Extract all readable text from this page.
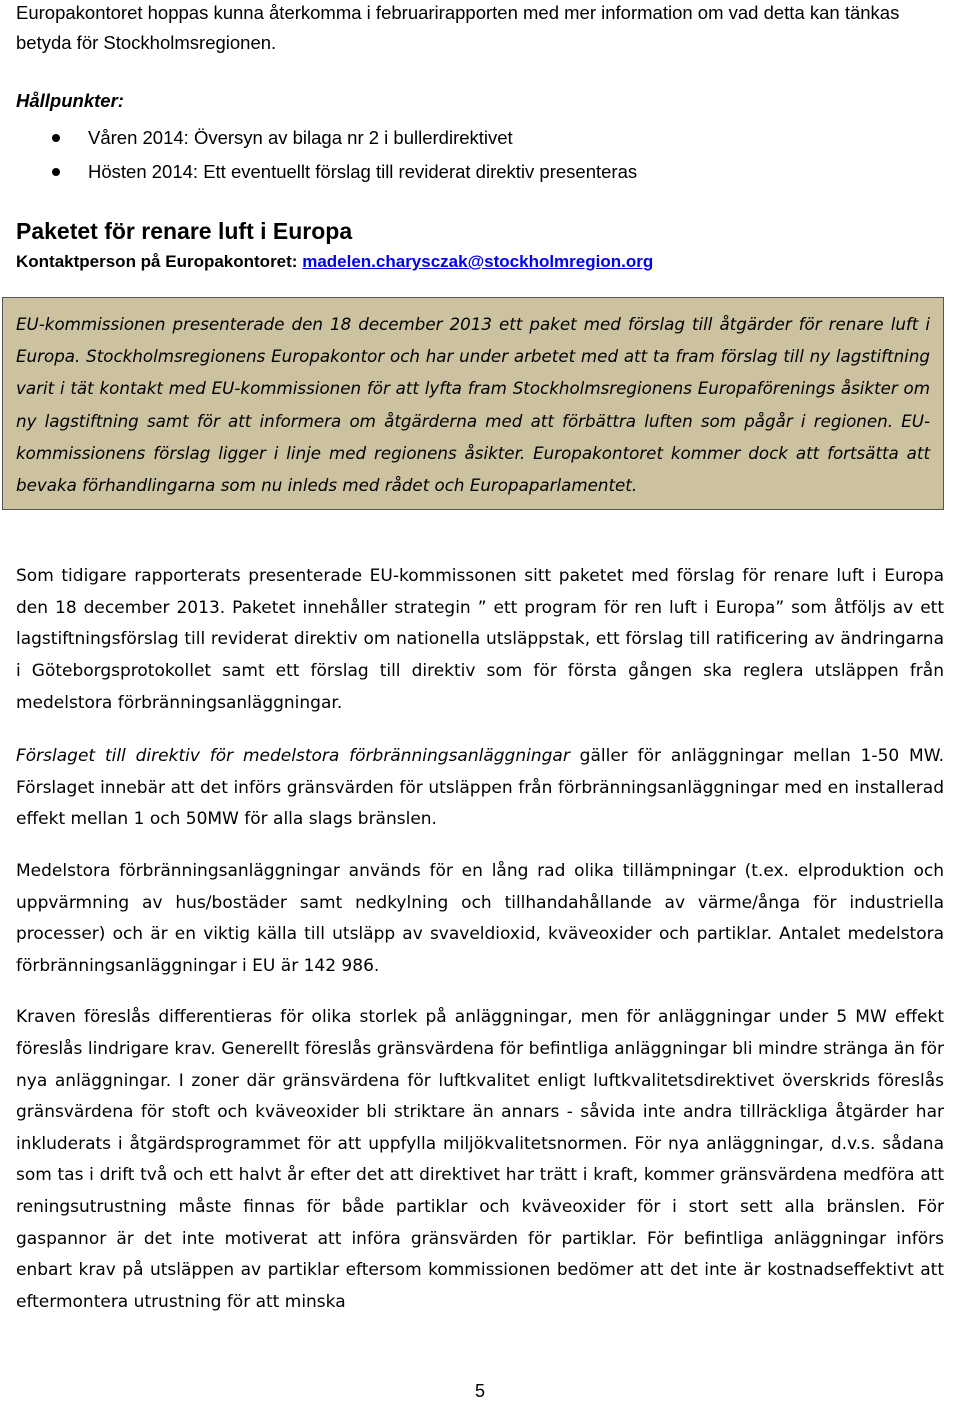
Europakontoret hoppas kunna återkomma i februarirapporten med mer information om vad detta kan tänkas betyda för Stockholmsregionen.
Hållpunkter:
Våren 2014: Översyn av bilaga nr 2 i bullerdirektivet
Hösten 2014: Ett eventuellt förslag till reviderat direktiv presenteras
Paketet för renare luft i Europa
Kontaktperson på Europakontoret: madelen.charysczak@stockholmregion.org
EU-kommissionen presenterade den 18 december 2013 ett paket med förslag till åtgärder för renare luft i Europa. Stockholmsregionens Europakontor och har under arbetet med att ta fram förslag till ny lagstiftning varit i tät kontakt med EU-kommissionen för att lyfta fram Stockholmsregionens Europaförenings åsikter om ny lagstiftning samt för att informera om åtgärderna med att förbättra luften som pågår i regionen. EU-kommissionens förslag ligger i linje med regionens åsikter. Europakontoret kommer dock att fortsätta att bevaka förhandlingarna som nu inleds med rådet och Europaparlamentet.

Som tidigare rapporterats presenterade EU-kommissonen sitt paketet med förslag för renare luft i Europa den 18 december 2013. Paketet innehåller strategin ” ett program för ren luft i Europa” som åtföljs av ett lagstiftningsförslag till reviderat direktiv om nationella utsläppstak, ett förslag till ratificering av ändringarna i Göteborgsprotokollet samt ett förslag till direktiv som för första gången ska reglera utsläppen från medelstora förbränningsanläggningar.

Förslaget till direktiv för medelstora förbränningsanläggningar gäller för anläggningar mellan 1-50 MW. Förslaget innebär att det införs gränsvärden för utsläppen från förbränningsanläggningar med en installerad effekt mellan 1 och 50MW för alla slags bränslen.

Medelstora förbränningsanläggningar används för en lång rad olika tillämpningar (t.ex. elproduktion och uppvärmning av hus/bostäder samt nedkylning och tillhandahållande av värme/ånga för industriella processer) och är en viktig källa till utsläpp av svaveldioxid, kväveoxider och partiklar. Antalet medelstora förbränningsanläggningar i EU är 142 986.

Kraven föreslås differentieras för olika storlek på anläggningar, men för anläggningar under 5 MW effekt föreslås lindrigare krav. Generellt föreslås gränsvärdena för befintliga anläggningar bli mindre stränga än för nya anläggningar. I zoner där gränsvärdena för luftkvalitet enligt luftkvalitetsdirektivet överskrids föreslås gränsvärdena för stoft och kväveoxider bli striktare än annars - såvida inte andra tillräckliga åtgärder har inkluderats i åtgärdsprogrammet för att uppfylla miljökvalitetsnormen. För nya anläggningar, d.v.s. sådana som tas i drift två och ett halvt år efter det att direktivet har trätt i kraft, kommer gränsvärdena medföra att reningsutrustning måste finnas för både partiklar och kväveoxider för i stort sett alla bränslen. För gaspannor är det inte motiverat att införa gränsvärden för partiklar. För befintliga anläggningar införs enbart krav på utsläppen av partiklar eftersom kommissionen bedömer att det inte är kostnadseffektivt att eftermontera utrustning för att minska

5
